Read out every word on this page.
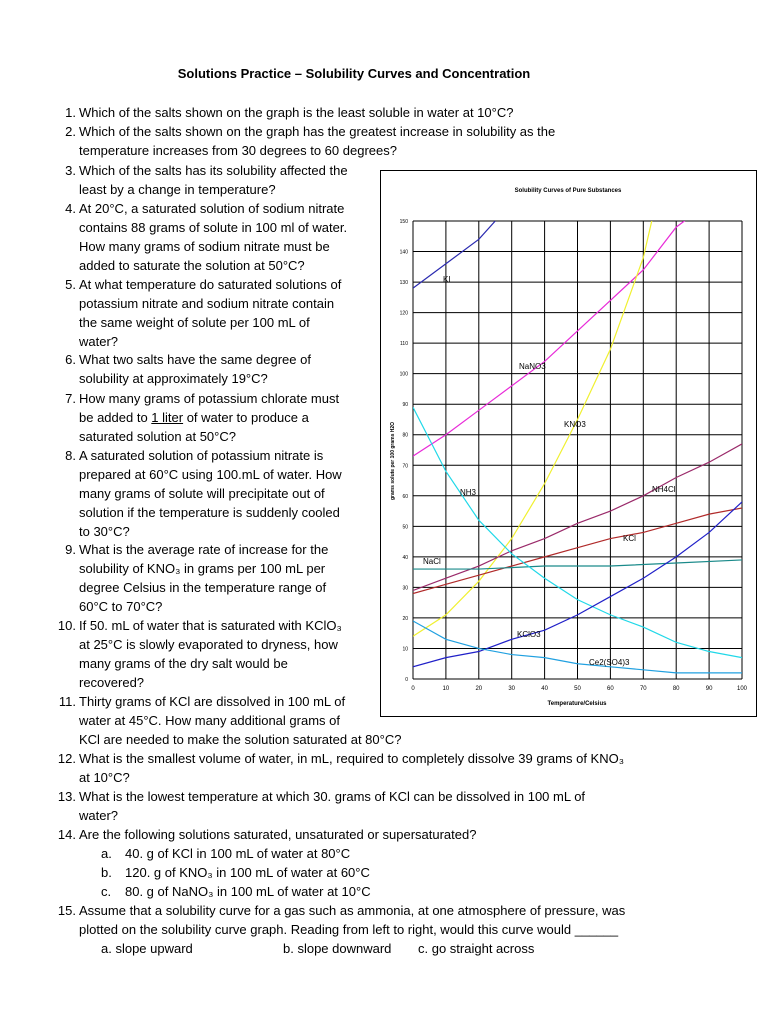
Solutions Practice – Solubility Curves and Concentration
1. Which of the salts shown on the graph is the least soluble in water at 10°C?
2. Which of the salts shown on the graph has the greatest increase in solubility as the
temperature increases from 30 degrees to 60 degrees?
3. Which of the salts has its solubility affected the
least by a change in temperature?
4. At 20°C, a saturated solution of sodium nitrate
contains 88 grams of solute in 100 ml of water.
How many grams of sodium nitrate must be
added to saturate the solution at 50°C?
5. At what temperature do saturated solutions of
potassium nitrate and sodium nitrate contain
the same weight of solute per 100 mL of
water?
6. What two salts have the same degree of
solubility at approximately 19°C?
7. How many grams of potassium chlorate must
be added to 1 liter of water to produce a
saturated solution at 50°C?
8. A saturated solution of potassium nitrate is
prepared at 60°C using 100.mL of water. How
many grams of solute will precipitate out of
solution if the temperature is suddenly cooled
to 30°C?
9. What is the average rate of increase for the
solubility of KNO₃ in grams per 100 mL per
degree Celsius in the temperature range of
60°C to 70°C?
10. If 50. mL of water that is saturated with KClO₃
at 25°C is slowly evaporated to dryness, how
many grams of the dry salt would be
recovered?
11. Thirty grams of KCl are dissolved in 100 mL of
water at 45°C. How many additional grams of
KCl are needed to make the solution saturated at 80°C?
12. What is the smallest volume of water, in mL, required to completely dissolve 39 grams of KNO₃
at 10°C?
13. What is the lowest temperature at which 30. grams of KCl can be dissolved in 100 mL of
water?
14. Are the following solutions saturated, unsaturated or supersaturated?
a. 40. g of KCl in 100 mL of water at 80°C
b. 120. g of KNO₃ in 100 mL of water at 60°C
c. 80. g of NaNO₃ in 100 mL of water at 10°C
15. Assume that a solubility curve for a gas such as ammonia, at one atmosphere of pressure, was
plotted on the solubility curve graph. Reading from left to right, would this curve would ______
a. slope upward	b. slope downward c. go straight across
Solubility Curves of Pure Substances
0	10	20	30	40	50	60	70	80	90	100
0
10
20
30
40
50
60
70
80
90
100
110
120
130
140
150
KI
NaNO3
KNO3
NH3	NH4Cl
KCl
NaCl
KClO3
Ce2(SO4)3
Temperature/Celsius
grams solute per 100 grams H2O
